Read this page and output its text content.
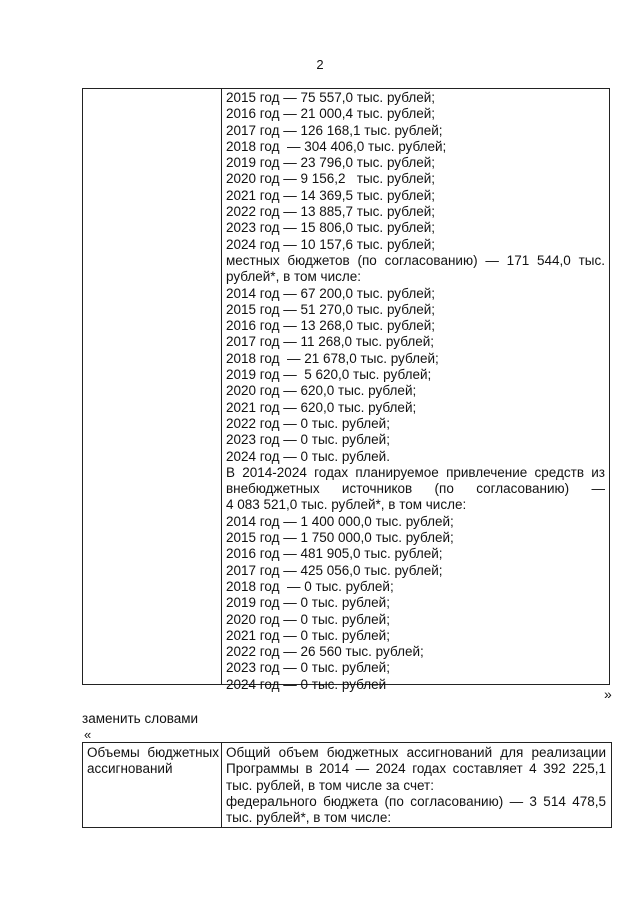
2
2015 год — 75 557,0 тыс. рублей;
2016 год — 21 000,4 тыс. рублей;
2017 год — 126 168,1 тыс. рублей;
2018 год  — 304 406,0 тыс. рублей;
2019 год — 23 796,0 тыс. рублей;
2020 год — 9 156,2   тыс. рублей;
2021 год — 14 369,5 тыс. рублей;
2022 год — 13 885,7 тыс. рублей;
2023 год — 15 806,0 тыс. рублей;
2024 год — 10 157,6 тыс. рублей;
местных бюджетов (по согласованию) — 171 544,0 тыс.
рублей*, в том числе:
2014 год — 67 200,0 тыс. рублей;
2015 год — 51 270,0 тыс. рублей;
2016 год — 13 268,0 тыс. рублей;
2017 год — 11 268,0 тыс. рублей;
2018 год  — 21 678,0 тыс. рублей;
2019 год —  5 620,0 тыс. рублей;
2020 год — 620,0 тыс. рублей;
2021 год — 620,0 тыс. рублей;
2022 год — 0 тыс. рублей;
2023 год — 0 тыс. рублей;
2024 год — 0 тыс. рублей.
В 2014-2024 годах планируемое привлечение средств из
внебюджетных источников (по согласованию) —
4 083 521,0 тыс. рублей*, в том числе:
2014 год — 1 400 000,0 тыс. рублей;
2015 год — 1 750 000,0 тыс. рублей;
2016 год — 481 905,0 тыс. рублей;
2017 год — 425 056,0 тыс. рублей;
2018 год  — 0 тыс. рублей;
2019 год — 0 тыс. рублей;
2020 год — 0 тыс. рублей;
2021 год — 0 тыс. рублей;
2022 год — 26 560 тыс. рублей;
2023 год — 0 тыс. рублей;
2024 год — 0 тыс. рублей
»
заменить словами
«
Объемы бюджетных
ассигнований
Общий объем бюджетных ассигнований для реализации
Программы в 2014 — 2024 годах составляет 4 392 225,1
тыс. рублей, в том числе за счет:
федерального бюджета (по согласованию) — 3 514 478,5
тыс. рублей*, в том числе:
